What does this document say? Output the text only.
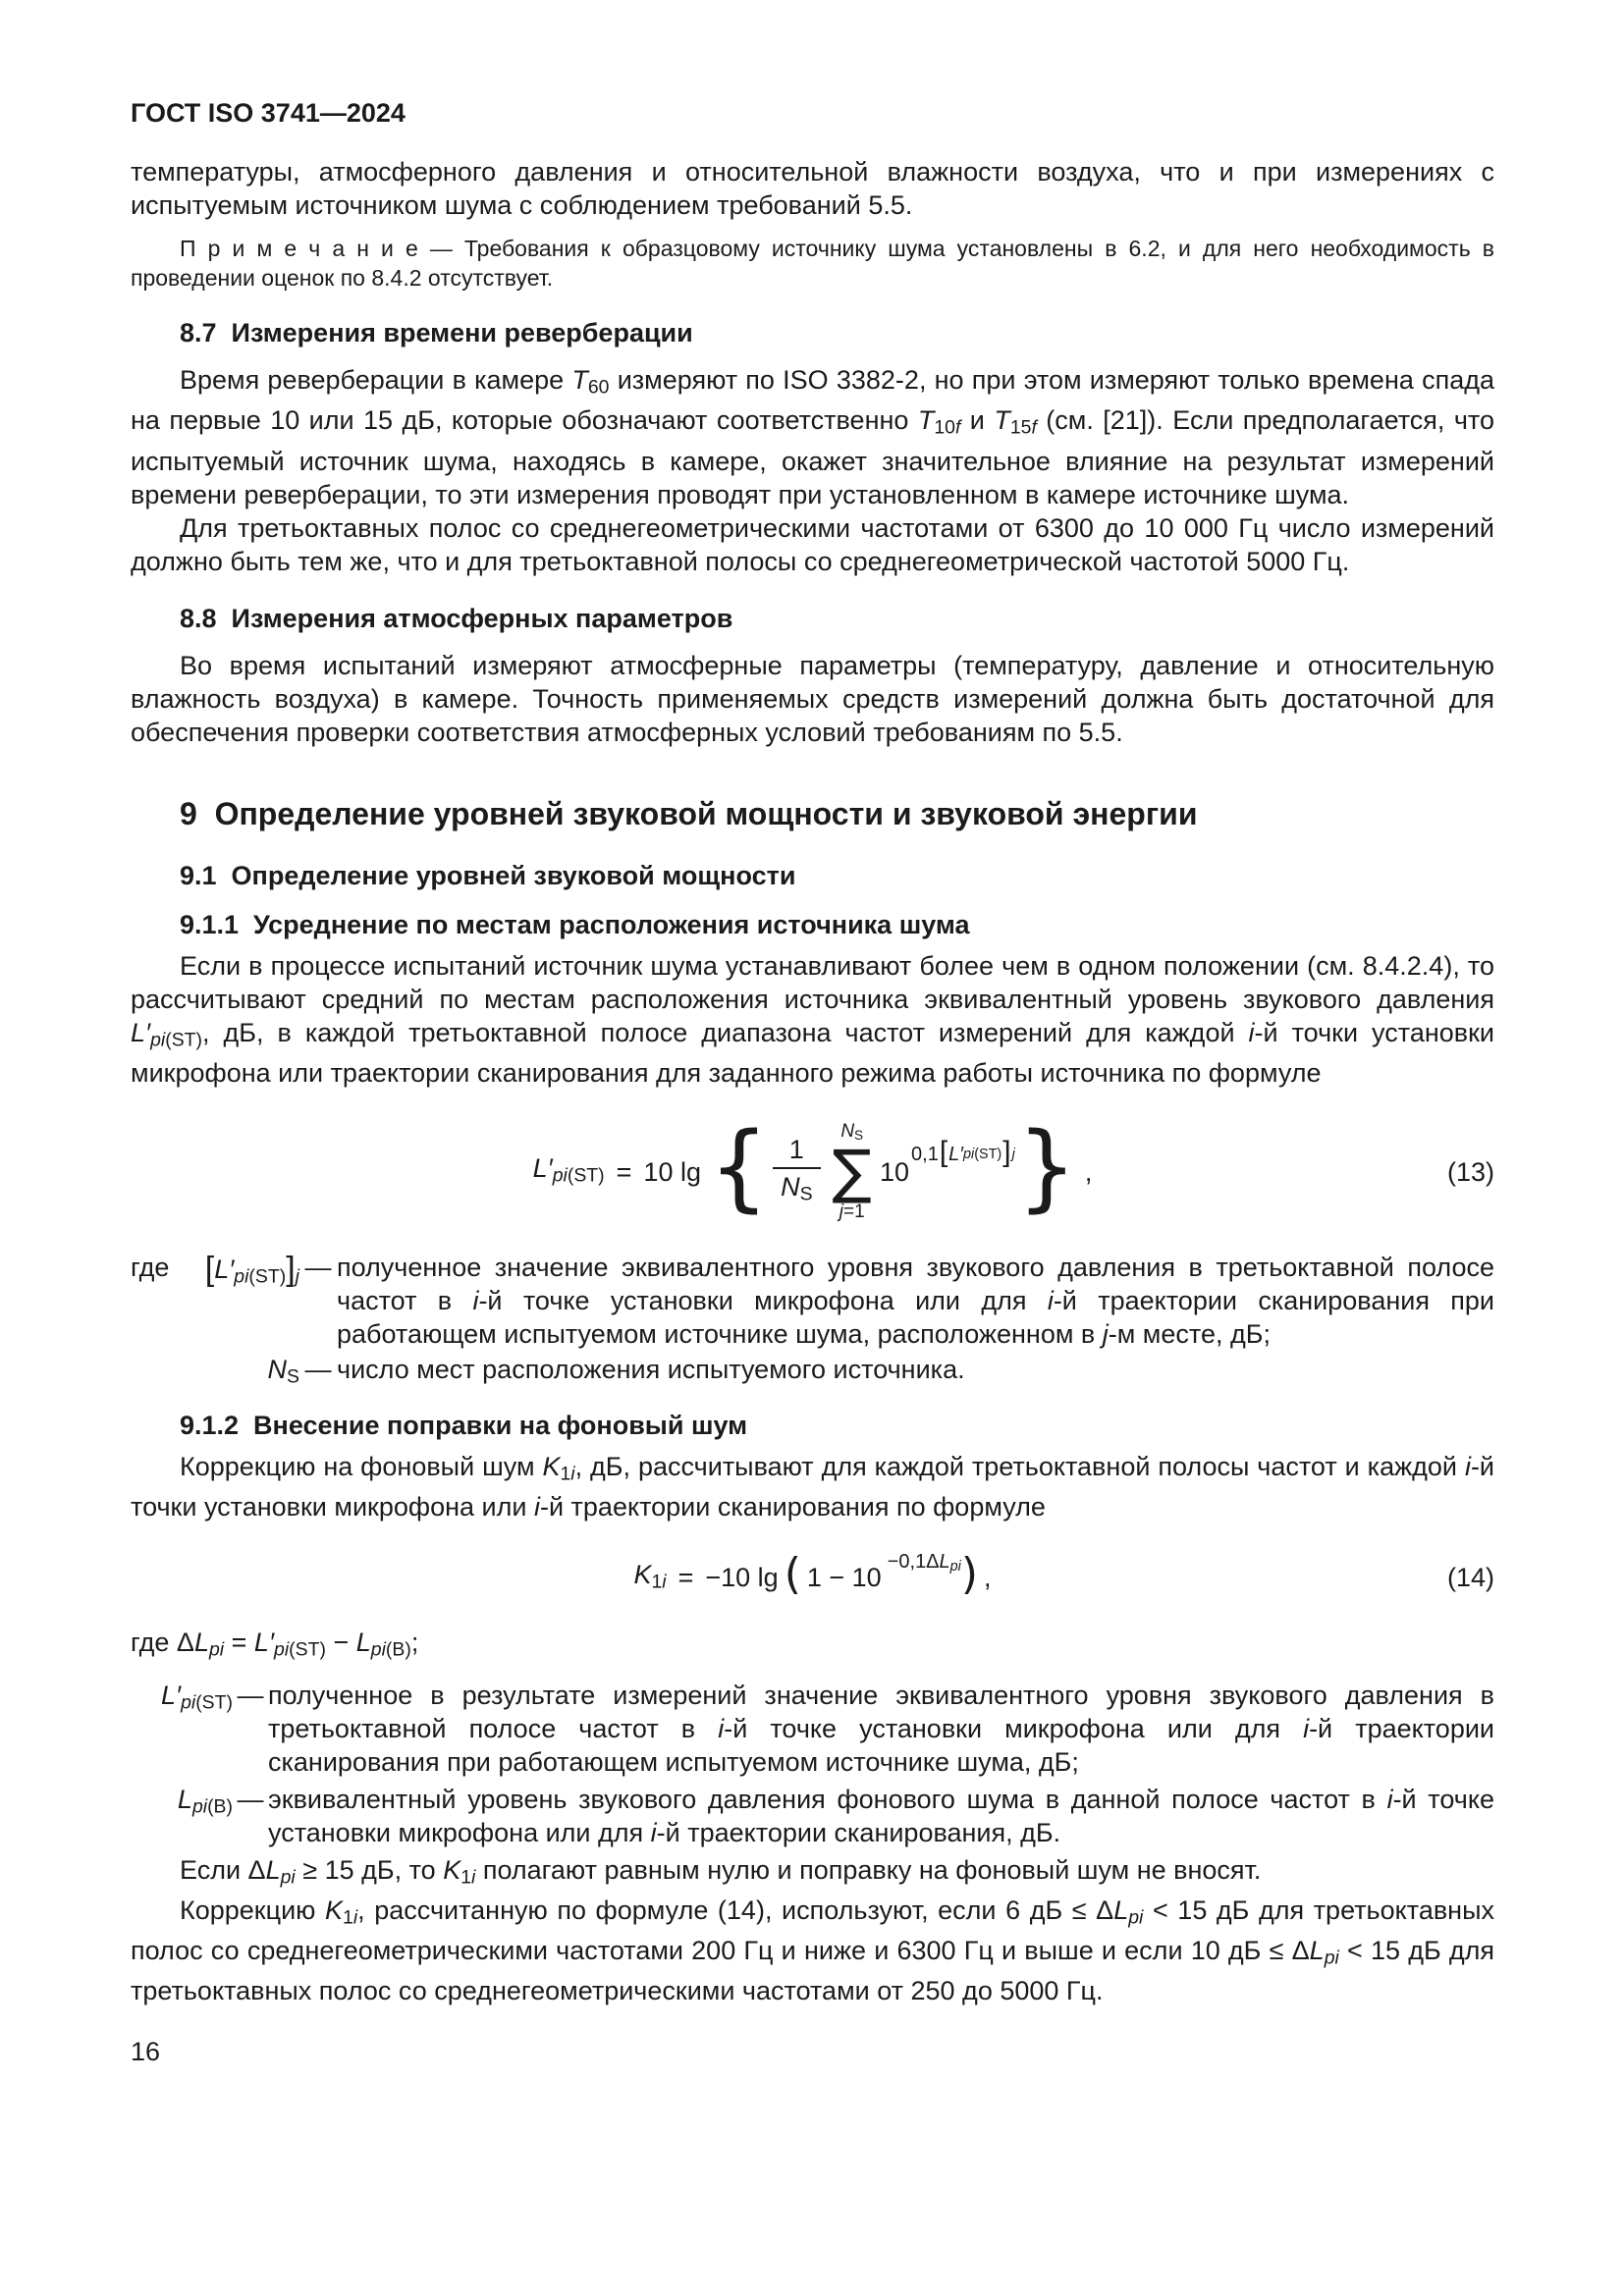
ГОСТ ISO 3741—2024

температуры, атмосферного давления и относительной влажности воздуха, что и при измерениях с испытуемым источником шума с соблюдением требований 5.5.

П р и м е ч а н и е — Требования к образцовому источнику шума установлены в 6.2, и для него необходимость в проведении оценок по 8.4.2 отсутствует.

8.7  Измерения времени реверберации

Время реверберации в камере T60 измеряют по ISO 3382-2, но при этом измеряют только времена спада на первые 10 или 15 дБ, которые обозначают соответственно T10f и T15f (см. [21]). Если предполагается, что испытуемый источник шума, находясь в камере, окажет значительное влияние на результат измерений времени реверберации, то эти измерения проводят при установленном в камере источнике шума.

Для третьоктавных полос со среднегеометрическими частотами от 6300 до 10 000 Гц число измерений должно быть тем же, что и для третьоктавной полосы со среднегеометрической частотой 5000 Гц.

8.8  Измерения атмосферных параметров

Во время испытаний измеряют атмосферные параметры (температуру, давление и относительную влажность воздуха) в камере. Точность применяемых средств измерений должна быть достаточной для обеспечения проверки соответствия атмосферных условий требованиям по 5.5.

9  Определение уровней звуковой мощности и звуковой энергии

9.1  Определение уровней звуковой мощности

9.1.1  Усреднение по местам расположения источника шума

Если в процессе испытаний источник шума устанавливают более чем в одном положении (см. 8.4.2.4), то рассчитывают средний по местам расположения источника эквивалентный уровень звукового давления L′pi(ST), дБ, в каждой третьоктавной полосе диапазона частот измерений для каждой i-й точки установки микрофона или траектории сканирования для заданного режима работы источника по формуле

L′pi(ST) = 10 lg { $\frac{1}{NS}$
NS
∑
j=1
10
0,1 [ L′ pi (ST) ] j } ,	(13)
где	[L′pi(ST)]j — полученное значение эквивалентного уровня звукового давления в третьоктавной полосе частот в i-й точке установки микрофона или для i-й траектории сканирования при работающем испытуемом источнике шума, расположенном в j-м месте, дБ;
NS — число мест расположения испытуемого источника.

9.1.2  Внесение поправки на фоновый шум

Коррекцию на фоновый шум K1i, дБ, рассчитывают для каждой третьоктавной полосы частот и каждой i-й точки установки микрофона или i-й траектории сканирования по формуле

K1i = −10 lg ( 1 − 10
−0,1ΔLpi ) ,	(14)

где ΔLpi = L′pi(ST) − Lpi(B);

L′pi(ST) — полученное в результате измерений значение эквивалентного уровня звукового давления в третьоктавной полосе частот в i-й точке установки микрофона или для i-й траектории сканирования при работающем испытуемом источнике шума, дБ;
Lpi(B) — эквивалентный уровень звукового давления фонового шума в данной полосе частот в i-й точке установки микрофона или для i-й траектории сканирования, дБ.

Если ΔLpi ≥ 15 дБ, то K1i полагают равным нулю и поправку на фоновый шум не вносят.

Коррекцию K1i, рассчитанную по формуле (14), используют, если 6 дБ ≤ ΔLpi < 15 дБ для третьоктавных полос со среднегеометрическими частотами 200 Гц и ниже и 6300 Гц и выше и если 10 дБ ≤ ΔLpi < 15 дБ для третьоктавных полос со среднегеометрическими частотами от 250 до 5000 Гц.

16
